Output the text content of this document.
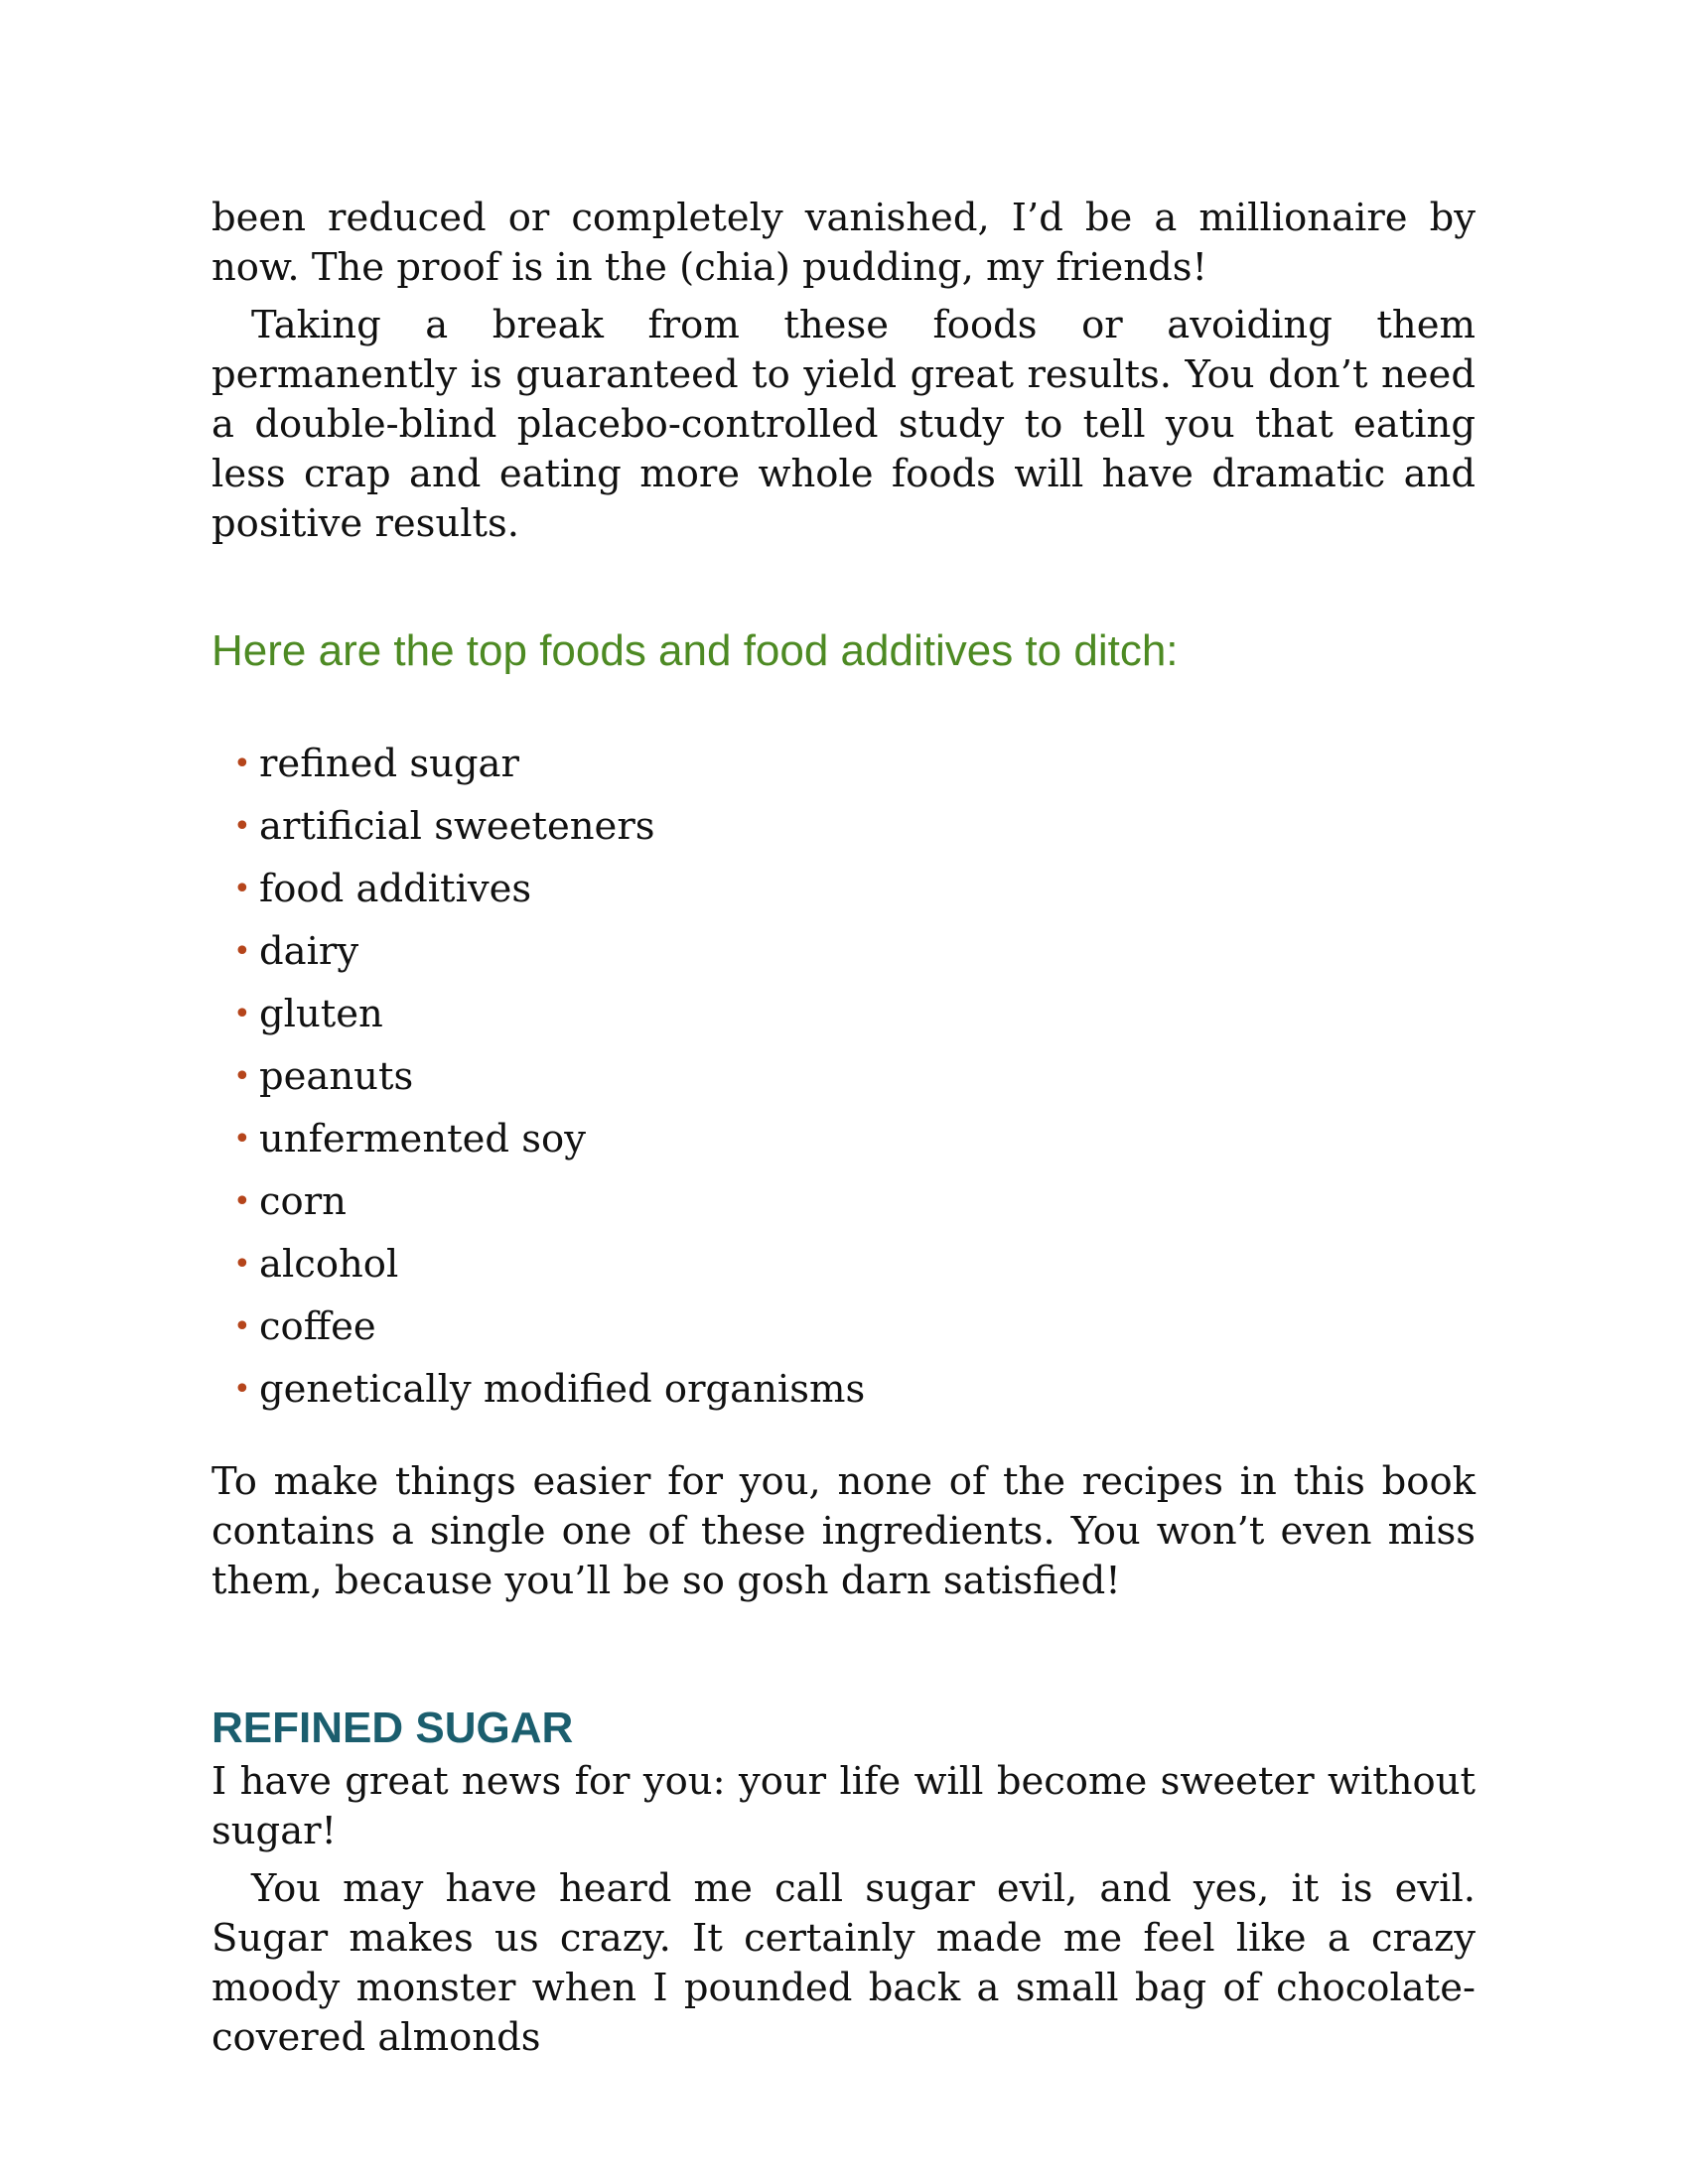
been reduced or completely vanished, I’d be a millionaire by now. The proof is in the (chia) pudding, my friends!

Taking a break from these foods or avoiding them permanently is guaranteed to yield great results. You don’t need a double-blind placebo-controlled study to tell you that eating less crap and eating more whole foods will have dramatic and positive results.

Here are the top foods and food additives to ditch:
• refined sugar
• artificial sweeteners
• food additives
• dairy
• gluten
• peanuts
• unfermented soy
• corn
• alcohol
• coffee
• genetically modified organisms

To make things easier for you, none of the recipes in this book contains a single one of these ingredients. You won’t even miss them, because you’ll be so gosh darn satisfied!

REFINED SUGAR

I have great news for you: your life will become sweeter without sugar!

You may have heard me call sugar evil, and yes, it is evil. Sugar makes us crazy. It certainly made me feel like a crazy moody monster when I pounded back a small bag of chocolate-covered almonds
